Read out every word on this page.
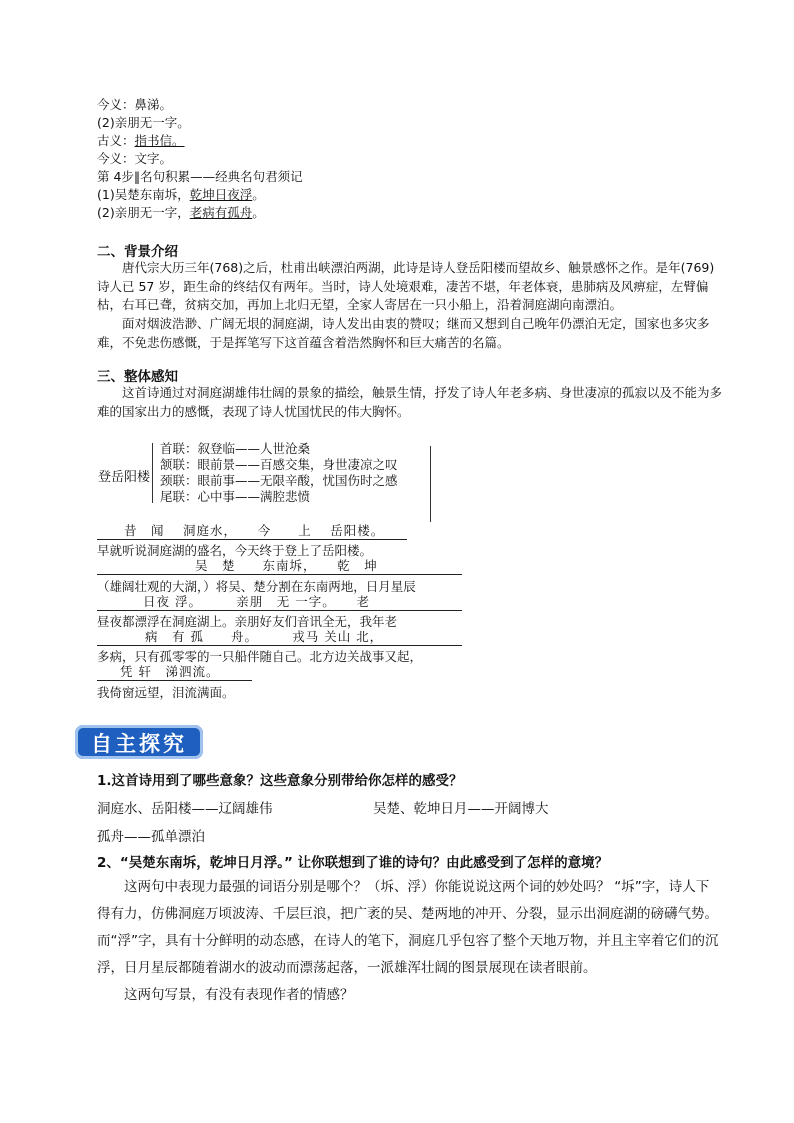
今义：鼻涕。
(2)亲朋无一字。
古义：指书信。
今义：文字。
第 4步‖名句积累——经典名句君须记
(1)吴楚东南坼，乾坤日夜浮。
(2)亲朋无一字，老病有孤舟。
二、背景介绍
唐代宗大历三年(768)之后，杜甫出峡漂泊两湖，此诗是诗人登岳阳楼而望故乡、触景感怀之作。是年(769)诗人已 57 岁，距生命的终结仅有两年。当时，诗人处境艰难，凄苦不堪，年老体衰，患肺病及风痹症，左臂偏枯，右耳已聋，贫病交加，再加上北归无望，全家人寄居在一只小船上，沿着洞庭湖向南漂泊。
面对烟波浩渺、广阔无垠的洞庭湖，诗人发出由衷的赞叹；继而又想到自己晚年仍漂泊无定，国家也多灾多难，不免悲伤感慨，于是挥笔写下这首蕴含着浩然胸怀和巨大痛苦的名篇。
三、整体感知
这首诗通过对洞庭湖雄伟壮阔的景象的描绘，触景生情，抒发了诗人年老多病、身世凄凉的孤寂以及不能为多难的国家出力的感慨，表现了诗人忧国忧民的伟大胸怀。
登岳阳楼
首联：叙登临——人世沧桑
颔联：眼前景——百感交集，身世凄凉之叹
颈联：眼前事——无限辛酸，忧国伤时之感
尾联：心中事——满腔悲愤
昔　闻　 洞庭水，　　今　　上　 岳阳楼。
早就听说洞庭湖的盛名，今天终于登上了岳阳楼。
吴　楚　　东南坼，　　乾　坤
（雄阔壮观的大湖，）将吴、楚分割在东南两地，日月星辰
日夜 浮。　　　亲朋　无 一字。　　老
昼夜都漂浮在洞庭湖上。亲朋好友们音讯全无，我年老
病　有 孤　　舟。　　　戎马 关山 北，
多病，只有孤零零的一只船伴随自己。北方边关战事又起，
凭 轩　涕泗流。
我倚窗远望，泪流满面。
自主探究
1.这首诗用到了哪些意象？这些意象分别带给你怎样的感受？
洞庭水、岳阳楼——辽阔雄伟	吴楚、乾坤日月——开阔博大
孤舟——孤单漂泊
2、“吴楚东南坼，乾坤日月浮。” 让你联想到了谁的诗句？由此感受到了怎样的意境？
这两句中表现力最强的词语分别是哪个？（坼、浮）你能说说这两个词的妙处吗？ “坼”字，诗人下得有力，仿佛洞庭万顷波涛、千层巨浪，把广袤的吴、楚两地的冲开、分裂，显示出洞庭湖的磅礴气势。而“浮”字，具有十分鲜明的动态感，在诗人的笔下，洞庭几乎包容了整个天地万物，并且主宰着它们的沉浮，日月星辰都随着湖水的波动而漂荡起落，一派雄浑壮阔的图景展现在读者眼前。
这两句写景，有没有表现作者的情感？
